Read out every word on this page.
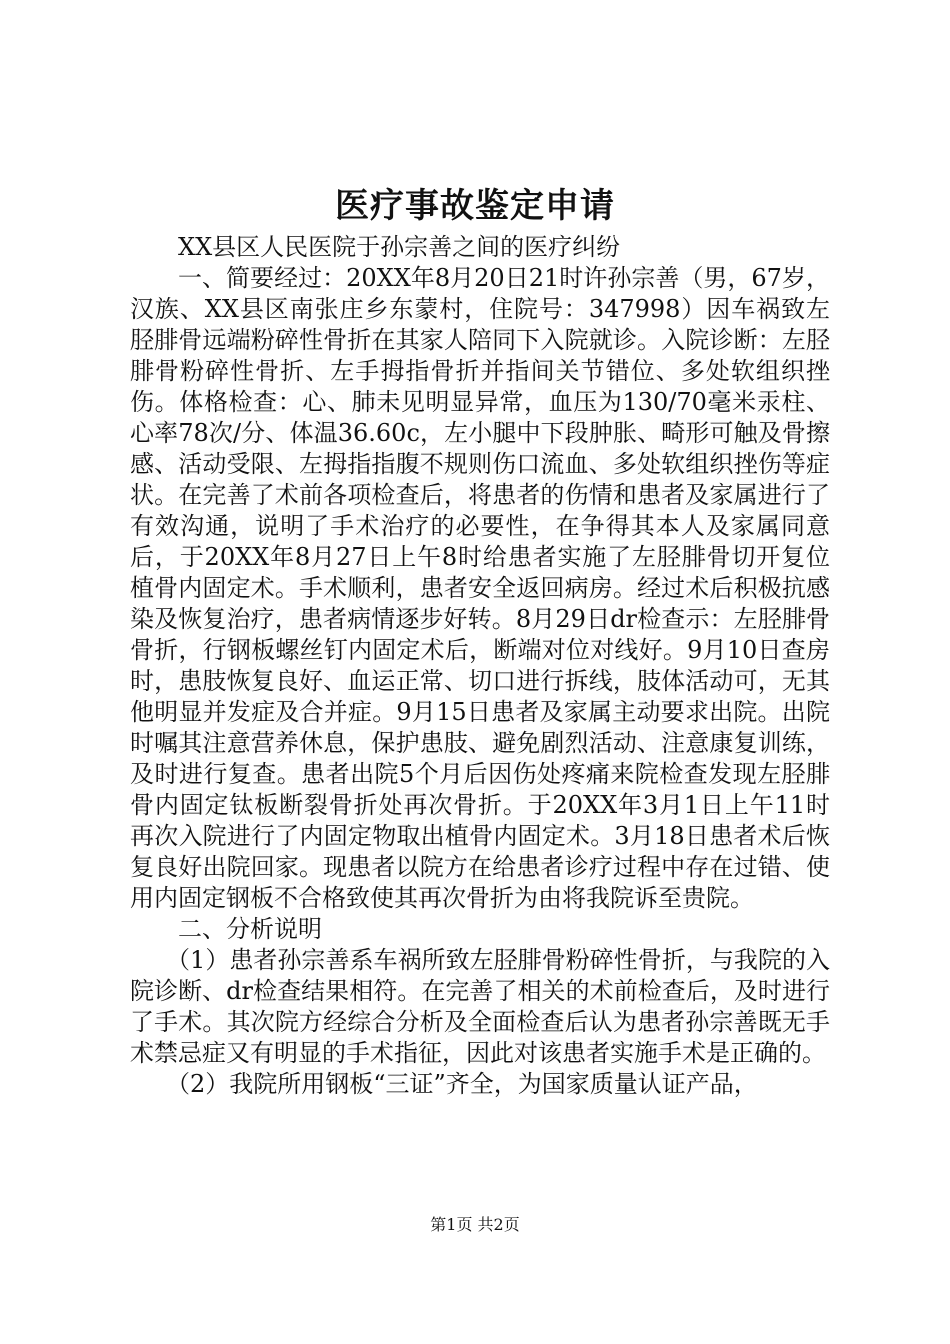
医疗事故鉴定申请

XX县区人民医院于孙宗善之间的医疗纠纷

一、简要经过：20XX年8月20日21时许孙宗善（男，67岁，汉族、XX县区南张庄乡东蒙村，住院号：347998）因车祸致左胫腓骨远端粉碎性骨折在其家人陪同下入院就诊。入院诊断：左胫腓骨粉碎性骨折、左手拇指骨折并指间关节错位、多处软组织挫伤。体格检查：心、肺未见明显异常，血压为130/70毫米汞柱、心率78次/分、体温36.60c，左小腿中下段肿胀、畸形可触及骨擦感、活动受限、左拇指指腹不规则伤口流血、多处软组织挫伤等症状。在完善了术前各项检查后，将患者的伤情和患者及家属进行了有效沟通，说明了手术治疗的必要性，在争得其本人及家属同意后，于20XX年8月27日上午8时给患者实施了左胫腓骨切开复位植骨内固定术。手术顺利，患者安全返回病房。经过术后积极抗感染及恢复治疗，患者病情逐步好转。8月29日dr检查示：左胫腓骨骨折，行钢板螺丝钉内固定术后，断端对位对线好。9月10日查房时，患肢恢复良好、血运正常、切口进行拆线，肢体活动可，无其他明显并发症及合并症。9月15日患者及家属主动要求出院。出院时嘱其注意营养休息，保护患肢、避免剧烈活动、注意康复训练，及时进行复查。患者出院5个月后因伤处疼痛来院检查发现左胫腓骨内固定钛板断裂骨折处再次骨折。于20XX年3月1日上午11时再次入院进行了内固定物取出植骨内固定术。3月18日患者术后恢复良好出院回家。现患者以院方在给患者诊疗过程中存在过错、使用内固定钢板不合格致使其再次骨折为由将我院诉至贵院。

二、分析说明

（1）患者孙宗善系车祸所致左胫腓骨粉碎性骨折，与我院的入院诊断、dr检查结果相符。在完善了相关的术前检查后，及时进行了手术。其次院方经综合分析及全面检查后认为患者孙宗善既无手术禁忌症又有明显的手术指征，因此对该患者实施手术是正确的。

（2）我院所用钢板“三证”齐全，为国家质量认证产品，

第1页 共2页
